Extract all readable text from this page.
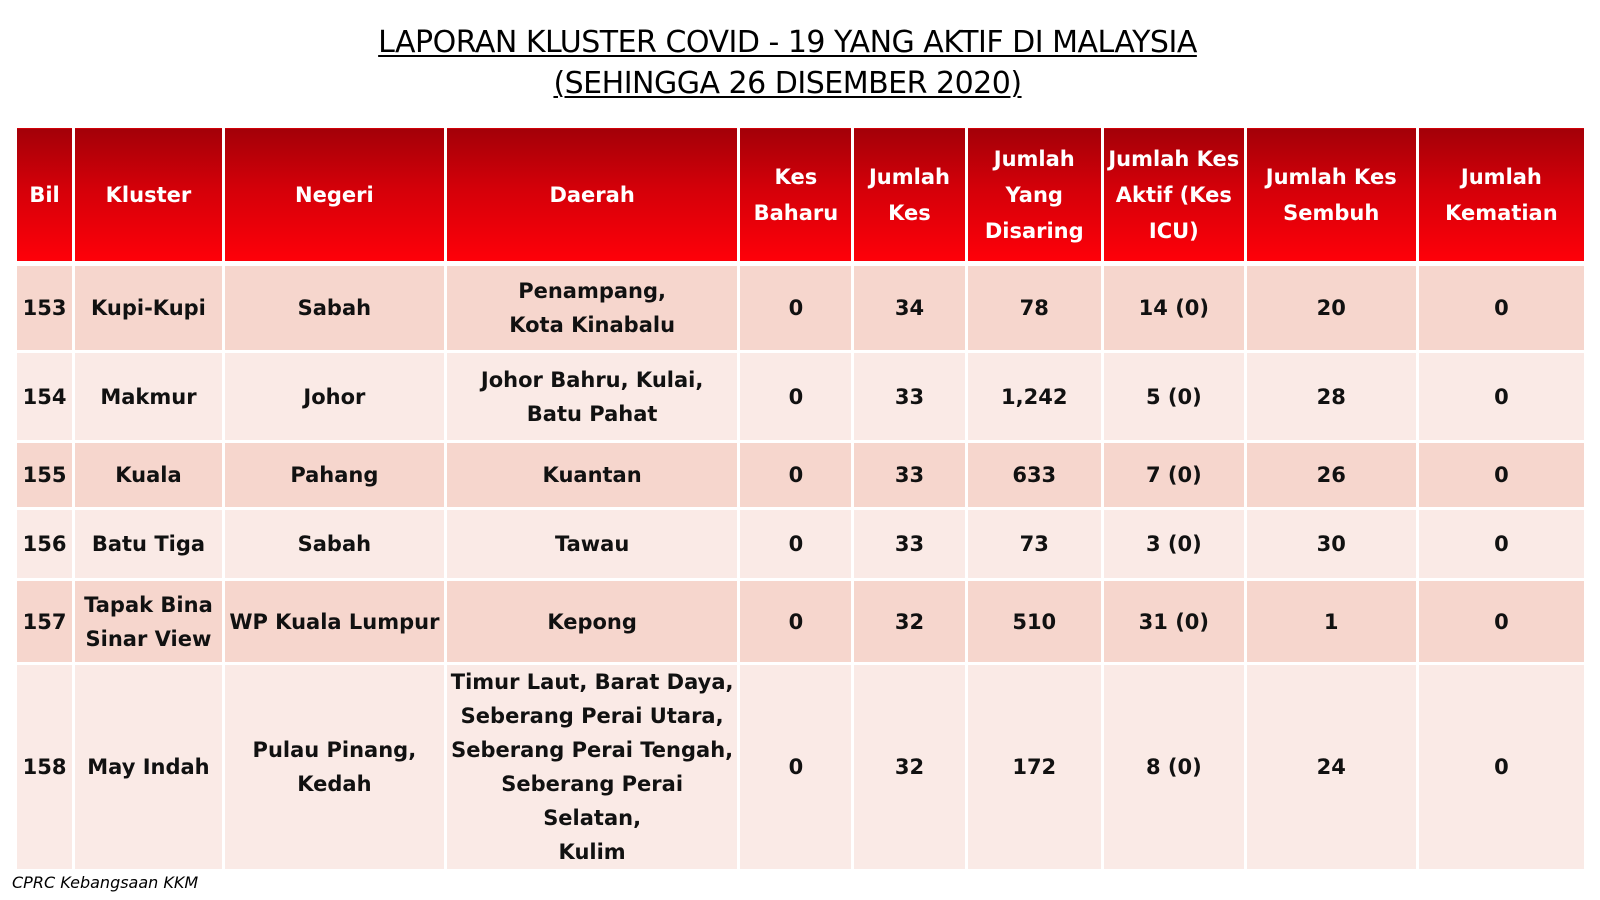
LAPORAN KLUSTER COVID - 19 YANG AKTIF DI MALAYSIA
(SEHINGGA 26 DISEMBER 2020)
Bil	Kluster	Negeri	Daerah	Kes Baharu	Jumlah Kes	Jumlah Yang Disaring	Jumlah Kes Aktif (Kes ICU)	Jumlah Kes Sembuh	Jumlah Kematian
153	Kupi-Kupi	Sabah	Penampang,
Kota Kinabalu	0	34	78	14 (0)	20	0
154	Makmur	Johor	Johor Bahru, Kulai,
Batu Pahat	0	33	1,242	5 (0)	28	0
155	Kuala	Pahang	Kuantan	0	33	633	7 (0)	26	0
156	Batu Tiga	Sabah	Tawau	0	33	73	3 (0)	30	0
157	Tapak Bina
Sinar View	WP Kuala Lumpur	Kepong	0	32	510	31 (0)	1	0
158	May Indah	Pulau Pinang,
Kedah	Timur Laut, Barat Daya,
Seberang Perai Utara,
Seberang Perai Tengah,
Seberang Perai Selatan,
Kulim	0	32	172	8 (0)	24	0
CPRC Kebangsaan KKM
